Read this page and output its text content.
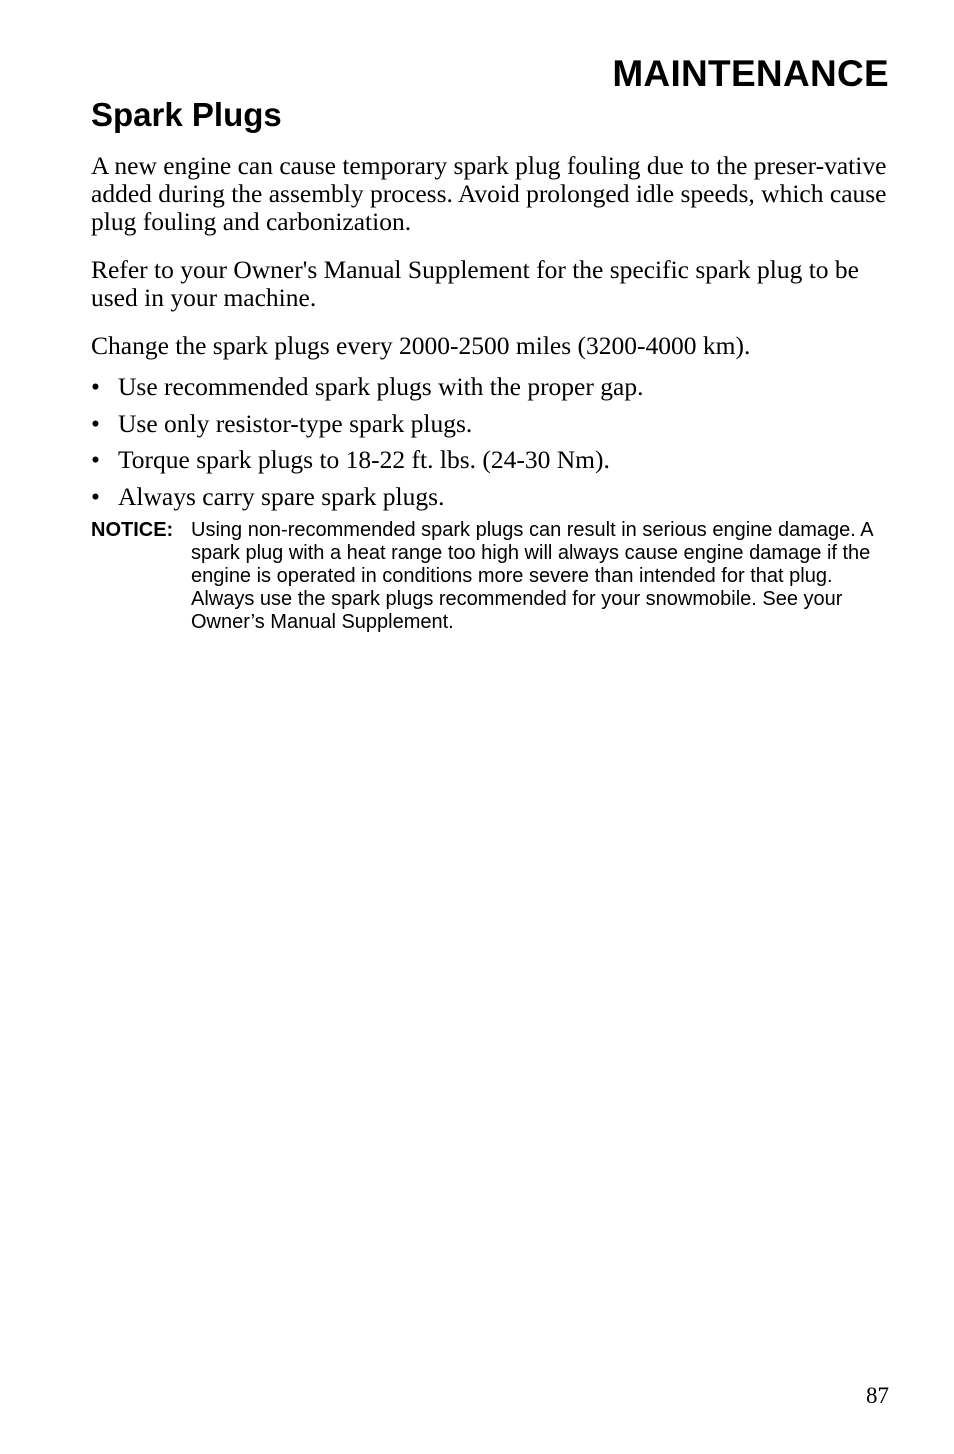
MAINTENANCE
Spark Plugs

A new engine can cause temporary spark plug fouling due to the preser-vative added during the assembly process. Avoid prolonged idle speeds, which cause plug fouling and carbonization.

Refer to your Owner's Manual Supplement for the specific spark plug to be used in your machine.

Change the spark plugs every 2000-2500 miles (3200-4000 km).

• Use recommended spark plugs with the proper gap.
• Use only resistor-type spark plugs.
• Torque spark plugs to 18-22 ft. lbs. (24-30 Nm).
• Always carry spare spark plugs.
NOTICE: Using non-recommended spark plugs can result in serious engine damage. A spark plug with a heat range too high will always cause engine damage if the engine is operated in conditions more severe than intended for that plug. Always use the spark plugs recommended for your snowmobile. See your Owner’s Manual Supplement.

87
